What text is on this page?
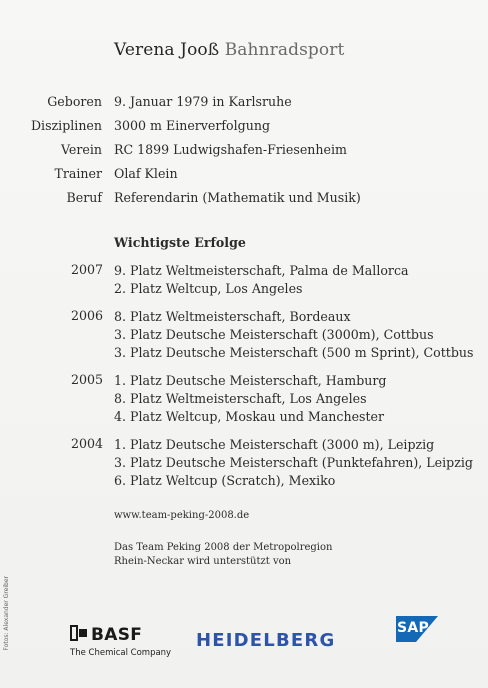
Verena Jooß Bahnradsport
Geboren 9. Januar 1979 in Karlsruhe
Disziplinen 3000 m Einerverfolgung
Verein RC 1899 Ludwigshafen-Friesenheim
Trainer Olaf Klein
Beruf Referendarin (Mathematik und Musik)
Wichtigste Erfolge
2007 9. Platz Weltmeisterschaft, Palma de Mallorca
2. Platz Weltcup, Los Angeles
2006 8. Platz Weltmeisterschaft, Bordeaux
3. Platz Deutsche Meisterschaft (3000m), Cottbus
3. Platz Deutsche Meisterschaft (500 m Sprint), Cottbus
2005 1. Platz Deutsche Meisterschaft, Hamburg
8. Platz Weltmeisterschaft, Los Angeles
4. Platz Weltcup, Moskau und Manchester
2004 1. Platz Deutsche Meisterschaft (3000 m), Leipzig
3. Platz Deutsche Meisterschaft (Punktefahren), Leipzig
6. Platz Weltcup (Scratch), Mexiko
www.team-peking-2008.de
Das Team Peking 2008 der Metropolregion
Rhein-Neckar wird unterstützt von
Fotos: Alexander Greiber	BASF
The Chemical Company
HEIDELBERG
SAP
